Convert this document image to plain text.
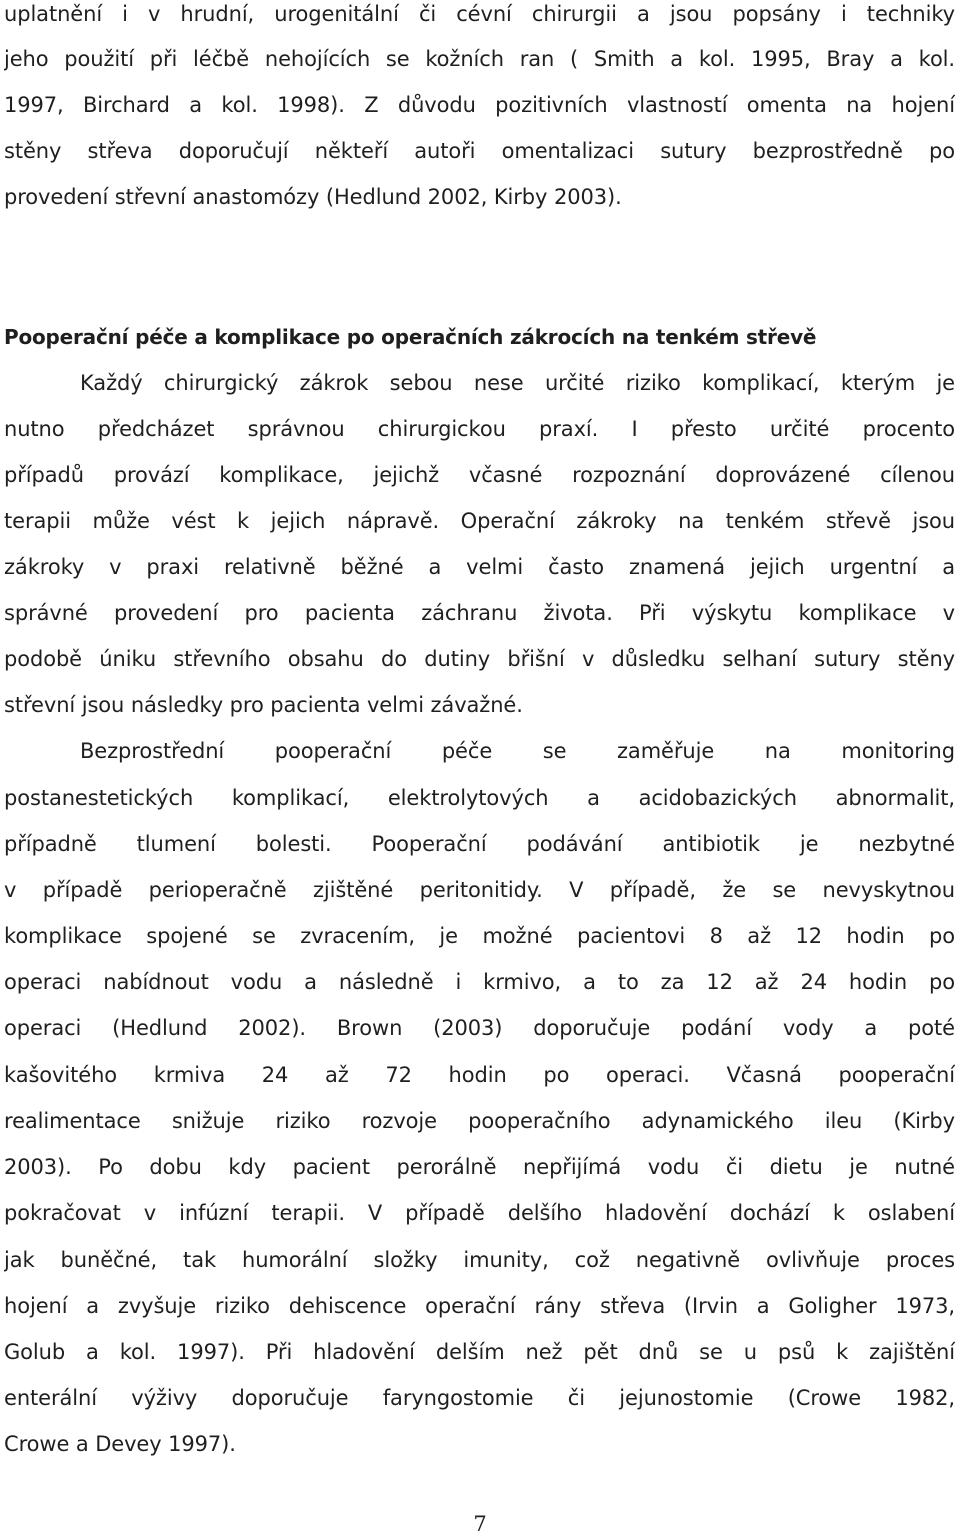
uplatnění i v hrudní, urogenitální či cévní chirurgii a jsou popsány i techniky
jeho použití při léčbě nehojících se kožních ran ( Smith a kol. 1995, Bray a kol.
1997, Birchard a kol. 1998). Z důvodu pozitivních vlastností omenta na hojení
stěny střeva doporučují někteří autoři omentalizaci sutury bezprostředně po
provedení střevní anastomózy (Hedlund 2002, Kirby 2003).
Pooperační péče a komplikace po operačních zákrocích na tenkém střevě
Každý chirurgický zákrok sebou nese určité riziko komplikací, kterým je
nutno předcházet správnou chirurgickou praxí. I přesto určité procento
případů provází komplikace, jejichž včasné rozpoznání doprovázené cílenou
terapii může vést k jejich nápravě. Operační zákroky na tenkém střevě jsou
zákroky v praxi relativně běžné a velmi často znamená jejich urgentní a
správné provedení pro pacienta záchranu života. Při výskytu komplikace v
podobě úniku střevního obsahu do dutiny břišní v důsledku selhaní sutury stěny
střevní jsou následky pro pacienta velmi závažné.
Bezprostřední pooperační péče se zaměřuje na monitoring
postanestetických komplikací, elektrolytových a acidobazických abnormalit,
případně tlumení bolesti. Pooperační podávání antibiotik je nezbytné
v případě perioperačně zjištěné peritonitidy. V případě, že se nevyskytnou
komplikace spojené se zvracením, je možné pacientovi 8 až 12 hodin po
operaci nabídnout vodu a následně i krmivo, a to za 12 až 24 hodin po
operaci (Hedlund 2002). Brown (2003) doporučuje podání vody a poté
kašovitého krmiva 24 až 72 hodin po operaci. Včasná pooperační
realimentace snižuje riziko rozvoje pooperačního adynamického ileu (Kirby
2003). Po dobu kdy pacient perorálně nepřijímá vodu či dietu je nutné
pokračovat v infúzní terapii. V případě delšího hladovění dochází k oslabení
jak buněčné, tak humorální složky imunity, což negativně ovlivňuje proces
hojení a zvyšuje riziko dehiscence operační rány střeva (Irvin a Goligher 1973,
Golub a kol. 1997). Při hladovění delším než pět dnů se u psů k zajištění
enterální výživy doporučuje faryngostomie či jejunostomie (Crowe 1982,
Crowe a Devey 1997).
7
